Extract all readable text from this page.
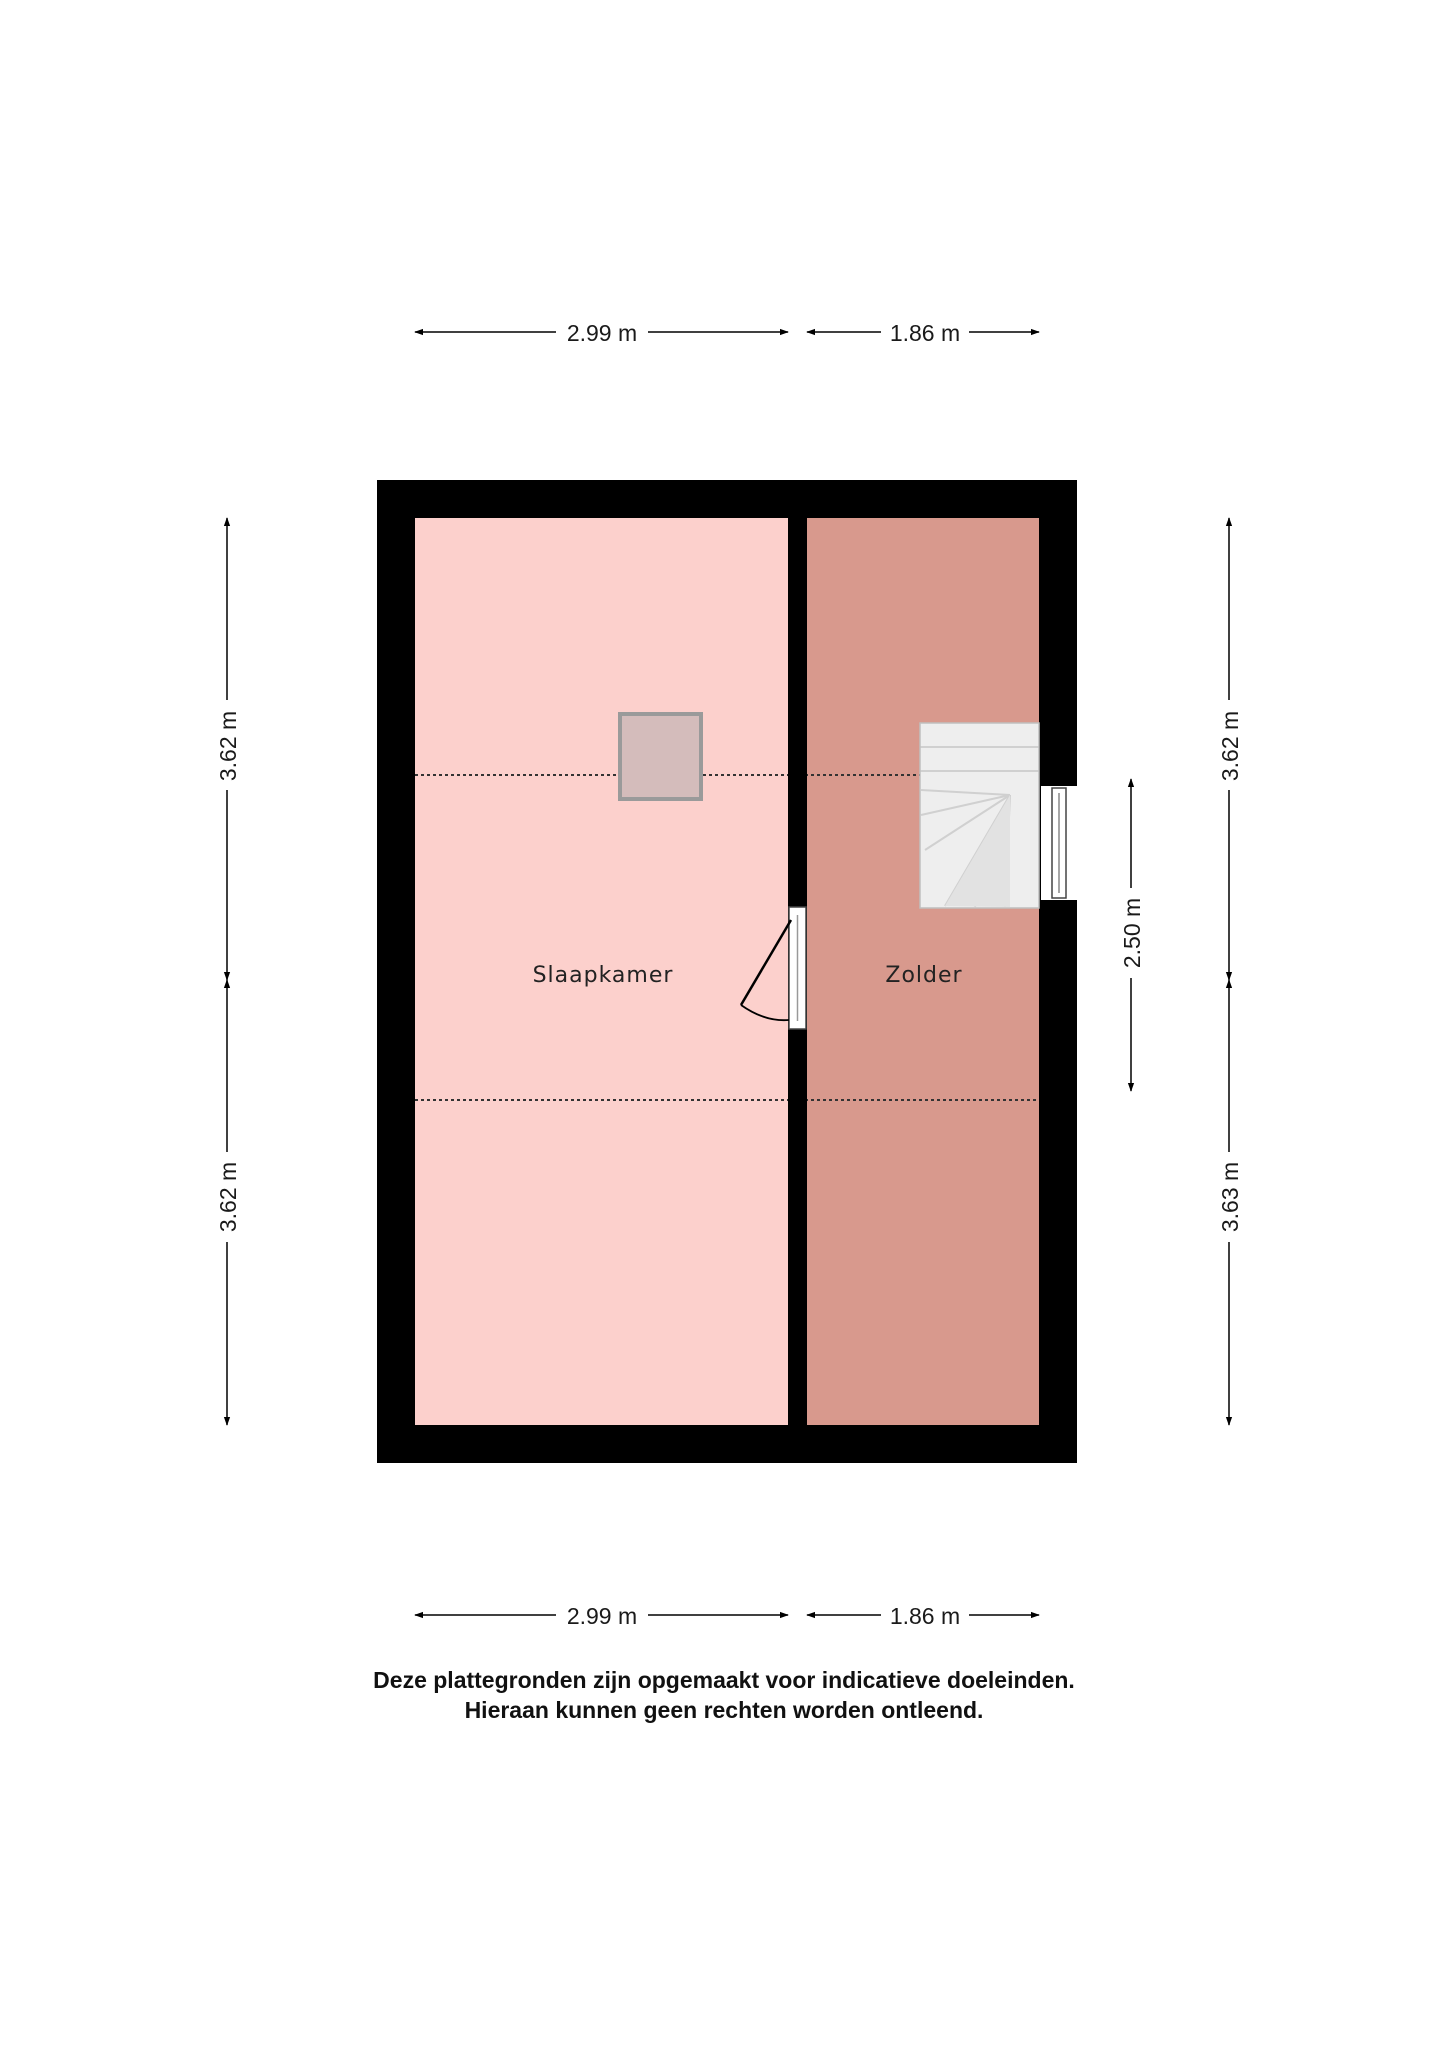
Slaapkamer	Zolder
2.99 m	1.86 m
2.99 m	1.86 m
3.62 m
3.62 m
3.62 m
3.63 m
2.50 m
Deze plattegronden zijn opgemaakt voor indicatieve doeleinden.
Hieraan kunnen geen rechten worden ontleend.
